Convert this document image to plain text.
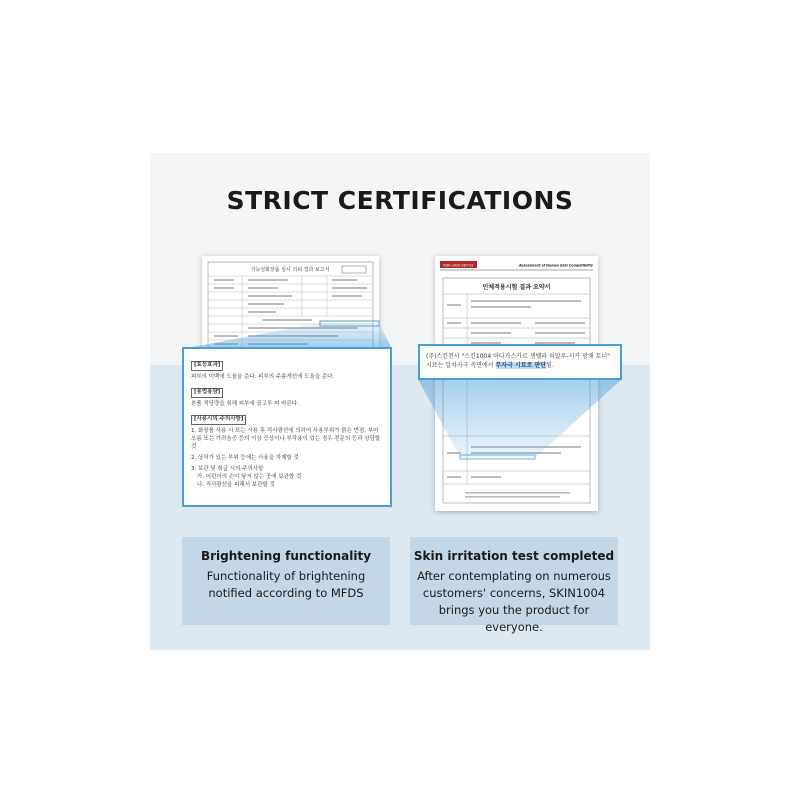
STRICT CERTIFICATIONS
기능성화장품 심사 의뢰 결과 보고서
KDR-2020-087-02	Assessment of Human Skin Compatibility
인체적용시험 결과 요약서
[효능효과]
피부의 미백에 도움을 준다. 피부의 주름개선에 도움을 준다.
[용법용량]
본품 적당량을 취해 피부에 골고루 펴 바른다.
[사용시의 주의사항]
1. 화장품 사용 시 또는 사용 후 직사광선에 의하여 사용부위가 붉은 반점, 부어오름 또는 가려움증 등의 이상 증상이나 부작용이 있는 경우 전문의 등과 상담할 것
2. 상처가 있는 부위 등에는 사용을 자제할 것
3. 보관 및 취급 시의 주의사항
가. 어린이의 손이 닿지 않는 곳에 보관할 것
나. 직사광선을 피해서 보관할 것
(주)스킨천사 "스킨1004 마다가스카르 센텔라 히알루-시카 광채 토너"
시료는 일차자극 측면에서 무자극 시료로 판단됨.
Brightening functionality
Functionality of brightening
notified according to MFDS
Skin irritation test completed
After contemplating on numerous
customers' concerns, SKIN1004
brings you the product for everyone.
